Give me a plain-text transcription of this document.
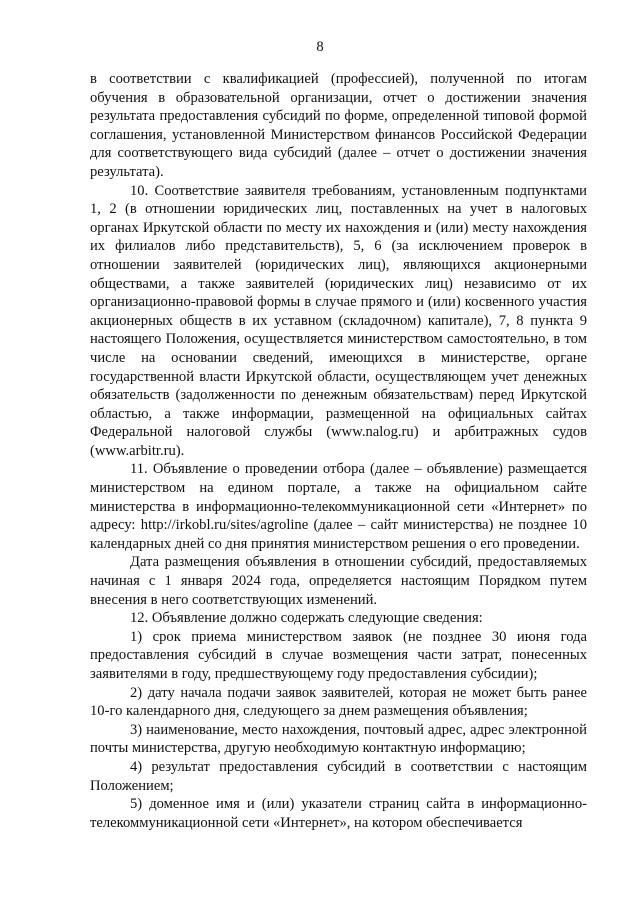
8

в соответствии с квалификацией (профессией), полученной по итогам обучения в образовательной организации, отчет о достижении значения результата предоставления субсидий по форме, определенной типовой формой соглашения, установленной Министерством финансов Российской Федерации для соответствующего вида субсидий (далее – отчет о достижении значения результата).

10. Соответствие заявителя требованиям, установленным подпунктами 1, 2 (в отношении юридических лиц, поставленных на учет в налоговых органах Иркутской области по месту их нахождения и (или) месту нахождения их филиалов либо представительств), 5, 6 (за исключением проверок в отношении заявителей (юридических лиц), являющихся акционерными обществами, а также заявителей (юридических лиц) независимо от их организационно-правовой формы в случае прямого и (или) косвенного участия акционерных обществ в их уставном (складочном) капитале), 7, 8 пункта 9 настоящего Положения, осуществляется министерством самостоятельно, в том числе на основании сведений, имеющихся в министерстве, органе государственной власти Иркутской области, осуществляющем учет денежных обязательств (задолженности по денежным обязательствам) перед Иркутской областью, а также информации, размещенной на официальных сайтах Федеральной налоговой службы (www.nalog.ru) и арбитражных судов (www.arbitr.ru).

11. Объявление о проведении отбора (далее – объявление) размещается министерством на едином портале, а также на официальном сайте министерства в информационно-телекоммуникационной сети «Интернет» по адресу: http://irkobl.ru/sites/agroline (далее – сайт министерства) не позднее 10 календарных дней со дня принятия министерством решения о его проведении.

Дата размещения объявления в отношении субсидий, предоставляемых начиная с 1 января 2024 года, определяется настоящим Порядком путем внесения в него соответствующих изменений.

12. Объявление должно содержать следующие сведения:

1) срок приема министерством заявок (не позднее 30 июня года предоставления субсидий в случае возмещения части затрат, понесенных заявителями в году, предшествующему году предоставления субсидии);

2) дату начала подачи заявок заявителей, которая не может быть ранее 10-го календарного дня, следующего за днем размещения объявления;

3) наименование, место нахождения, почтовый адрес, адрес электронной почты министерства, другую необходимую контактную информацию;

4) результат предоставления субсидий в соответствии с настоящим Положением;

5) доменное имя и (или) указатели страниц сайта в информационно-телекоммуникационной сети «Интернет», на котором обеспечивается
